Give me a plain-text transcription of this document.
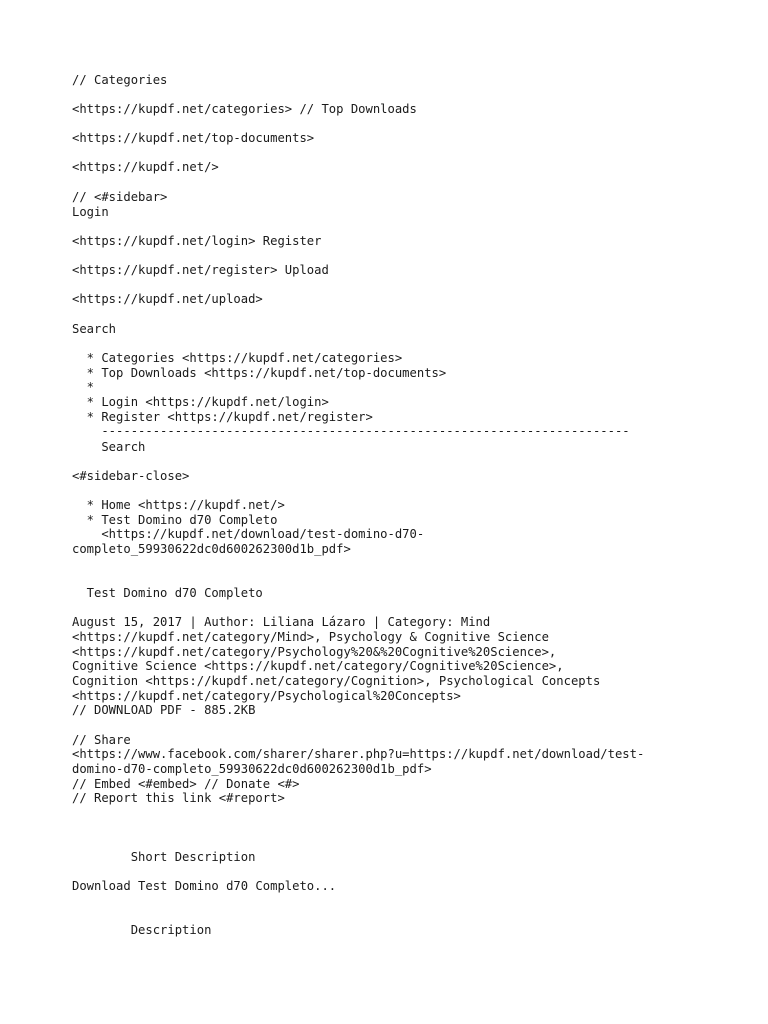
// Categories

<https://kupdf.net/categories> // Top Downloads

<https://kupdf.net/top-documents>

<https://kupdf.net/>

// <#sidebar>

Login

<https://kupdf.net/login> Register

<https://kupdf.net/register> Upload

<https://kupdf.net/upload>

Search

* Categories <https://kupdf.net/categories>

* Top Downloads <https://kupdf.net/top-documents>

*

* Login <https://kupdf.net/login>

* Register <https://kupdf.net/register>

------------------------------------------------------------------------

Search

<#sidebar-close>

* Home <https://kupdf.net/>

* Test Domino d70 Completo

<https://kupdf.net/download/test-domino-d70-

completo_59930622dc0d600262300d1b_pdf>

Test Domino d70 Completo

August 15, 2017 | Author: Liliana Lázaro | Category: Mind

<https://kupdf.net/category/Mind>, Psychology & Cognitive Science

<https://kupdf.net/category/Psychology%20&%20Cognitive%20Science>,

Cognitive Science <https://kupdf.net/category/Cognitive%20Science>,

Cognition <https://kupdf.net/category/Cognition>, Psychological Concepts

<https://kupdf.net/category/Psychological%20Concepts>

// DOWNLOAD PDF - 885.2KB

// Share

<https://www.facebook.com/sharer/sharer.php?u=https://kupdf.net/download/test-

domino-d70-completo_59930622dc0d600262300d1b_pdf>

// Embed <#embed> // Donate <#>

// Report this link <#report>

Short Description

Download Test Domino d70 Completo...

Description
